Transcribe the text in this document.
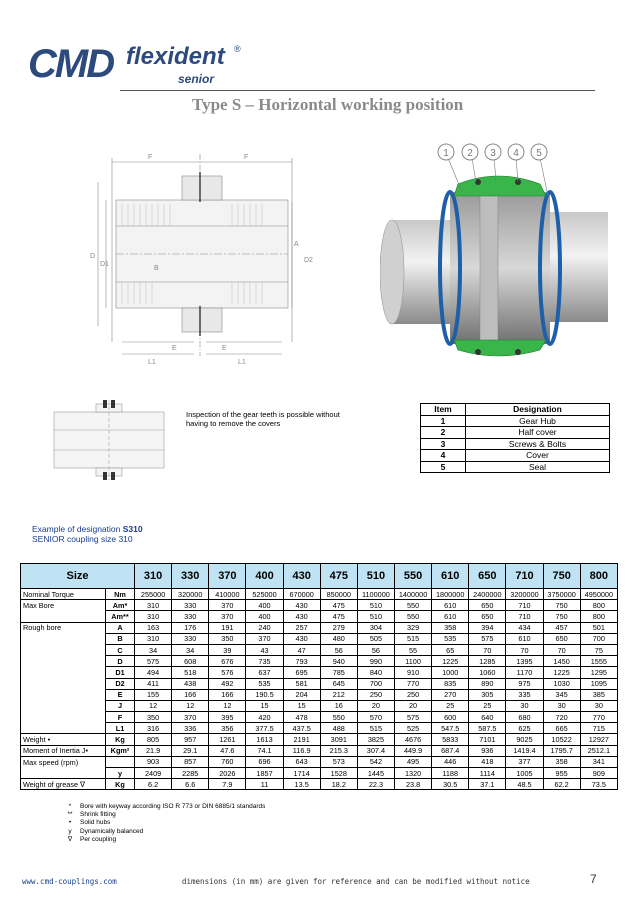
CMD flexident ®
senior
Type S – Horizontal working position
F	F
D
D1
B
A
D2
E	E
L1	L1
1 2 3 4 5
Inspection of the gear teeth is possible without having to remove the covers
Item	Designation
1	Gear Hub
2	Half cover
3	Screws & Bolts
4	Cover
5	Seal
Example of designation S310
SENIOR coupling size 310
Size		310	330	370	400	430	475	510	550	610	650	710	750	800
Nominal Torque	Nm	255000	320000	410000	525000	670000	850000	1100000	1400000	1800000	2400000	3200000	3750000	4950000
Max Bore	Am*	310	330	370	400	430	475	510	550	610	650	710	750	800
	Am**	310	330	370	400	430	475	510	550	610	650	710	750	800
Rough bore	A	163	176	191	240	257	279	304	329	358	394	434	457	501
	B	310	330	350	370	430	480	505	515	535	575	610	650	700
	C	34	34	39	43	47	56	56	55	65	70	70	70	75
	D	575	608	676	735	793	940	990	1100	1225	1285	1395	1450	1555
	D1	494	518	576	637	695	785	840	910	1000	1060	1170	1225	1295
	D2	411	438	492	535	581	645	700	770	835	890	975	1030	1095
	E	155	166	166	190.5	204	212	250	250	270	305	335	345	385
	J	12	12	12	15	15	16	20	20	25	25	30	30	30
	F	350	370	395	420	478	550	570	575	600	640	680	720	770
	L1	316	336	356	377.5	437.5	488	515	525	547.5	587.5	625	665	715
Weight •	Kg	805	957	1261	1613	2191	3091	3825	4676	5833	7101	9025	10522	12927
Moment of Inertia J•	Kgm²	21.9	29.1	47.6	74.1	116.9	215.3	307.4	449.9	687.4	936	1419.4	1795.7	2512.1
Max speed (rpm)		903	857	760	696	643	573	542	495	446	418	377	358	341
	y	2409	2285	2026	1857	1714	1528	1445	1320	1188	1114	1005	955	909
Weight of grease ∇	Kg	6.2	6.6	7.9	11	13.5	18.2	22.3	23.8	30.5	37.1	48.5	62.2	73.5
* Bore with keyway according ISO R 773 or DIN 6885/1 standards
** Shrink fitting
• Solid hubs
y Dynamically balanced
∇ Per coupling
www.cmd-couplings.com	dimensions (in mm) are given for reference and can be modified without notice	7
